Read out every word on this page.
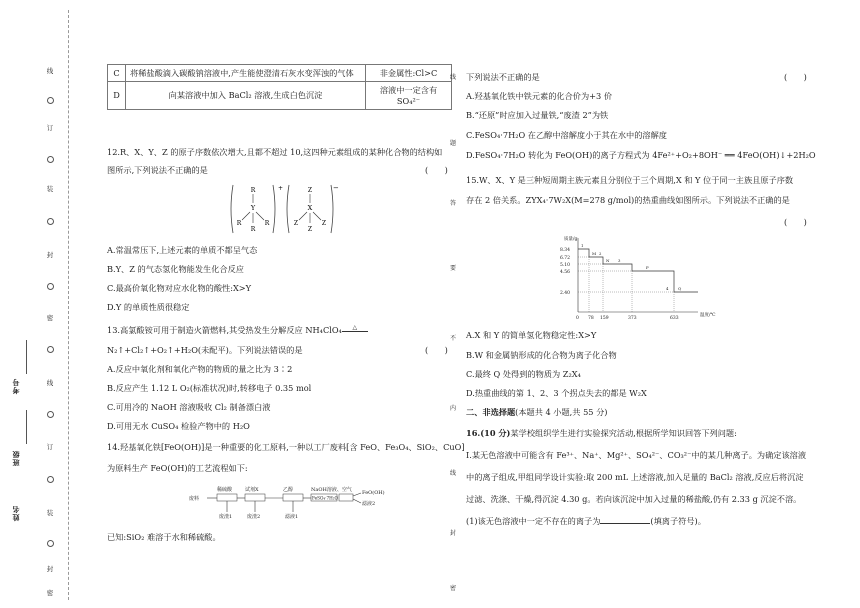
姓名
班级
考号
线
订
装
封
密
线
订
装
封
密
C	将稀盐酸滴入碳酸钠溶液中,产生能使澄清石灰水变浑浊的气体	非金属性:Cl>C
D	向某溶液中加入 BaCl₂ 溶液,生成白色沉淀	溶液中一定含有 SO₄²⁻

12.R、X、Y、Z 的原子序数依次增大,且都不超过 10,这四种元素组成的某种化合物的结构如

图所示,下列说法不正确的是	(　　)

R
Y
R	R
R
+	Z
X
Z	Z
Z
−

A.常温常压下,上述元素的单质不都呈气态

B.Y、Z 的气态氢化物能发生化合反应

C.最高价氧化物对应水化物的酸性:X>Y

D.Y 的单质性质很稳定

13.高氯酸铵可用于制造火箭燃料,其受热发生分解反应 NH₄ClO₄ △

N₂↑+Cl₂↑+O₂↑+H₂O(未配平)。下列说法错误的是	(　　)

A.反应中氧化剂和氧化产物的物质的量之比为 3∶2

B.反应产生 1.12 L O₂(标准状况)时,转移电子 0.35 mol

C.可用冷的 NaOH 溶液吸收 Cl₂ 制备漂白液

D.可用无水 CuSO₄ 检验产物中的 H₂O

14.羟基氧化铁[FeO(OH)]是一种重要的化工原料,一种以工厂废料[含 FeO、Fe₃O₄、SiO₂、CuO]

为原料生产 FeO(OH)的工艺流程如下:

废料
稀硫酸	试剂X	乙醇	NaOH溶液、空气
FeSO₄·7H₂O
FeO(OH)
滤液2
废渣1	废渣2	滤液1

已知:SiO₂ 难溶于水和稀硫酸。

下列说法不正确的是	(　　)

A.羟基氧化铁中铁元素的化合价为+3 价

B.“还原”时应加入过量铁,“废渣 2”为铁

C.FeSO₄·7H₂O 在乙醇中溶解度小于其在水中的溶解度

D.FeSO₄·7H₂O 转化为 FeO(OH)的离子方程式为 4Fe²⁺+O₂+8OH⁻ ══ 4FeO(OH)↓+2H₂O

15.W、X、Y 是三种短周期主族元素且分别位于三个周期,X 和 Y 位于同一主族且原子序数

存在 2 倍关系。ZYX₄·7W₂X(M=278 g/mol)的热重曲线如图所示。下列说法不正确的是

(　　)

质量/g
温度/℃
8.34
6.72
5.10
4.56
2.40
0 78 159	373	633
1
M 2
N 3
P
4 Q

A.X 和 Y 的简单氢化物稳定性:X>Y

B.W 和金属钠形成的化合物为离子化合物

C.最终 Q 处得到的物质为 Z₂X₄

D.热重曲线的第 1、2、3 个拐点失去的都是 W₂X

二、非选择题(本题共 4 小题,共 55 分)

16.(10 分)某学校组织学生进行实验探究活动,根据所学知识回答下列问题:

Ⅰ.某无色溶液中可能含有 Fe³⁺、Na⁺、Mg²⁺、SO₄²⁻、CO₃²⁻中的某几种离子。为确定该溶液

中的离子组成,甲组同学设计实验:取 200 mL 上述溶液,加入足量的 BaCl₂ 溶液,反应后将沉淀

过滤、洗涤、干燥,得沉淀 4.30 g。若向该沉淀中加入过量的稀盐酸,仍有 2.33 g 沉淀不溶。

(1)该无色溶液中一定不存在的离子为	(填离子符号)。

线
题
答
要
不
内
线
封
密
